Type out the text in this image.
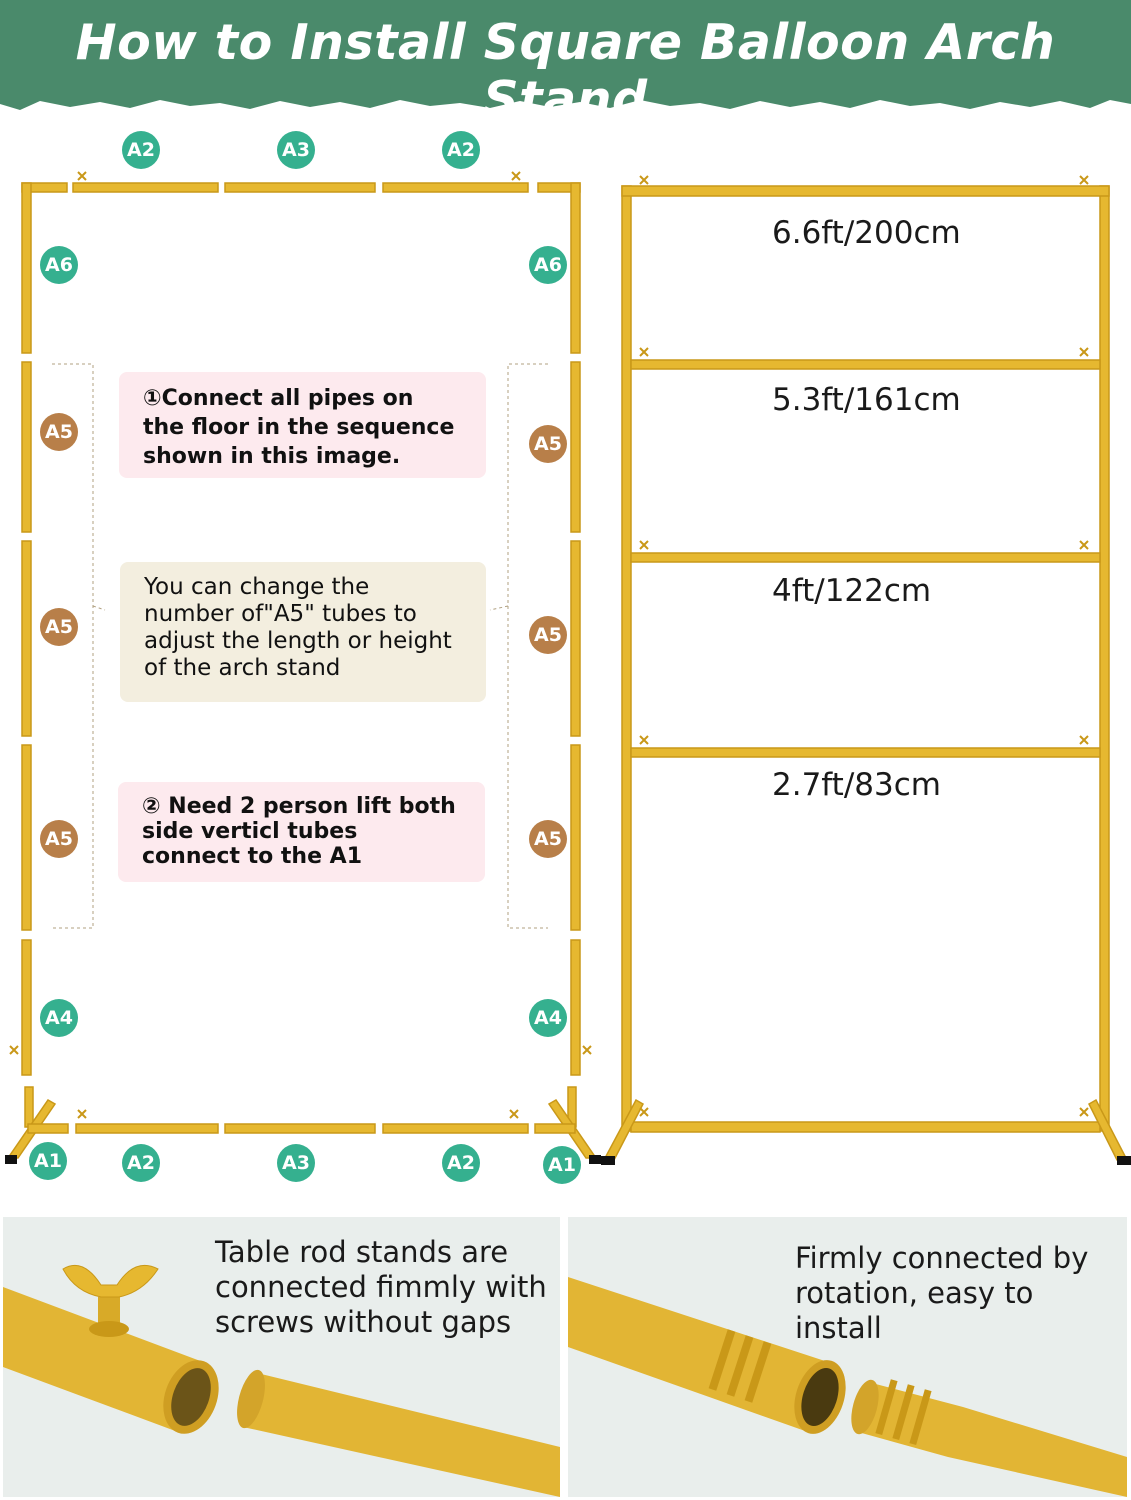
How to Install Square Balloon Arch Stand
A2	A3	A2
A6	A6
A5
A5
A5	A5
A5	A5
A4	A4
A1	A2	A3	A2	A1
①Connect all pipes on the floor in the sequence shown in this image.
You can change the number of"A5" tubes to adjust the length or height of the arch stand
② Need 2 person lift both side verticl tubes connect to the A1
6.6ft/200cm
5.3ft/161cm
4ft/122cm
2.7ft/83cm
Table rod stands are connected fimmly with screws without gaps
Firmly connected by rotation, easy to install
